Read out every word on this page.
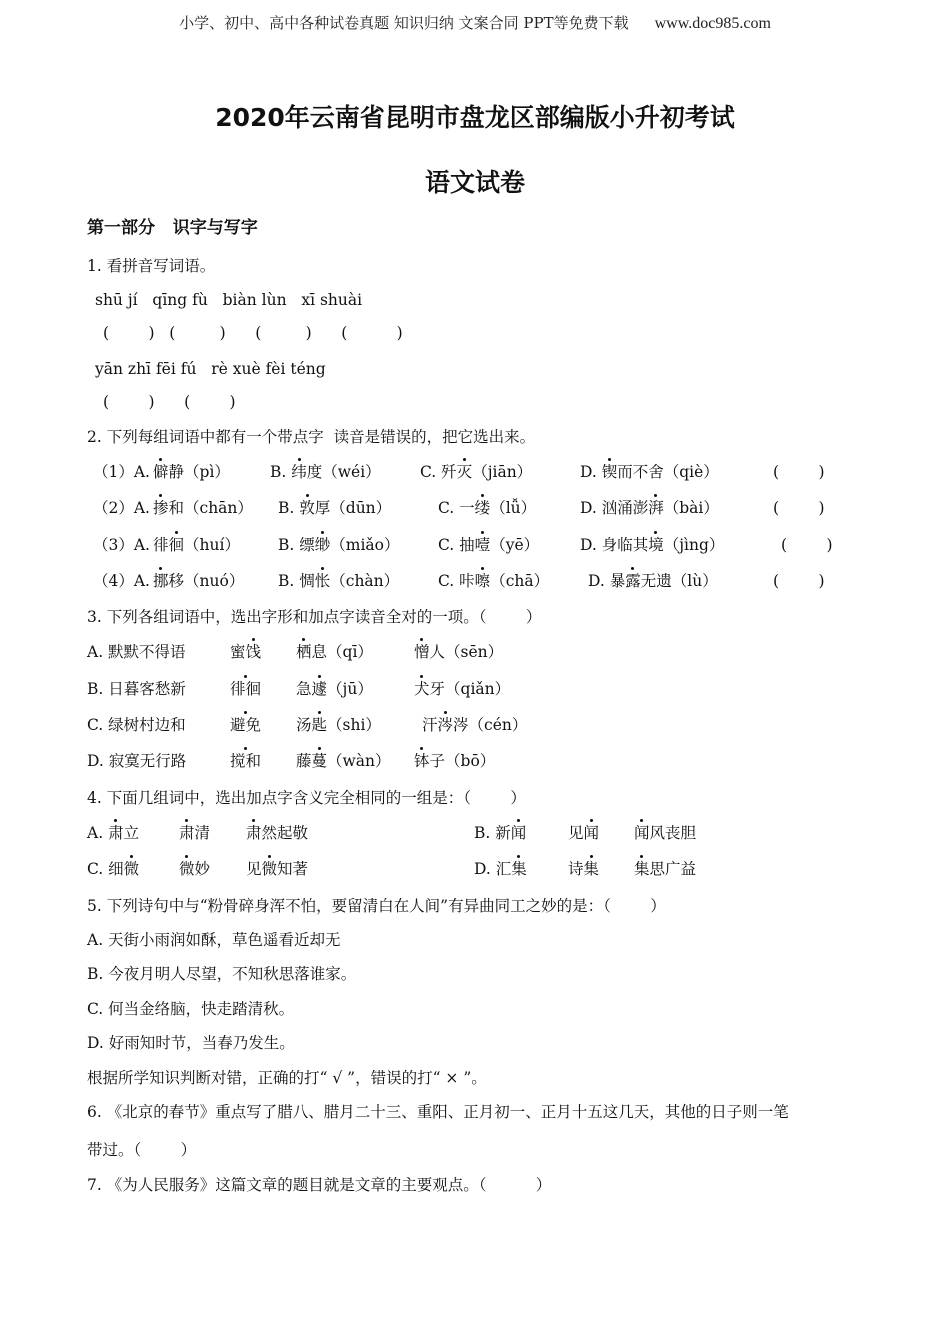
小学、初中、高中各种试卷真题 知识归纳 文案合同 PPT等免费下载 www.doc985.com
2020年云南省昆明市盘龙区部编版小升初考试
语文试卷
第一部分   识字与写字
1. 看拼音写词语。
shū jí   qīng fù   biàn lùn   xī shuài
(        )   (         )      (         )      (          )
yān zhī fēi fú   rè xuè fèi téng
(        )      (        )
2. 下列每组词语中都有一个带点字  读音是错误的，把它选出来。
（1）A. 僻静（pì）	B. 纬度（wéi）	C. 歼灭（jiān）	D. 锲而不舍（qiè）	(        )
（2）A. 掺和（chān） B. 敦厚（dūn）	C. 一缕（lǚ）	D. 汹涌澎湃（bài）	(        )
（3）A. 徘徊（huí） B. 缥缈（miǎo） C. 抽噎（yē）	D. 身临其境（jìng）	(        )
（4）A. 挪移（nuó） B. 惆怅（chàn）	C. 咔嚓（chā）	D. 暴露无遗（lù）	(        )
3. 下列各组词语中，选出字形和加点字读音全对的一项。（        ）
A. 默默不得语	蜜饯 栖息（qī）	憎人（sēn）
B. 日暮客愁新	徘徊 急遽（jū）	犬牙（qiǎn）
C. 绿树村边和	避免 汤匙（shi）	汗涔涔（cén）
D. 寂寞无行路	搅和 藤蔓（wàn） 钵子（bō）
4. 下面几组词中，选出加点字含义完全相同的一组是：（        ）
A. 肃立	肃清 肃然起敬	B. 新闻	见闻 闻风丧胆
C. 细微	微妙 见微知著	D. 汇集	诗集 集思广益
5. 下列诗句中与“粉骨碎身浑不怕，要留清白在人间”有异曲同工之妙的是：（        ）
A. 天街小雨润如酥，草色遥看近却无
B. 今夜月明人尽望，不知秋思落谁家。
C. 何当金络脑，快走踏清秋。
D. 好雨知时节，当春乃发生。
根据所学知识判断对错，正确的打“ √ ”，错误的打“ × ”。
6. 《北京的春节》重点写了腊八、腊月二十三、重阳、正月初一、正月十五这几天，其他的日子则一笔
带过。（        ）
7. 《为人民服务》这篇文章的题目就是文章的主要观点。（          ）
